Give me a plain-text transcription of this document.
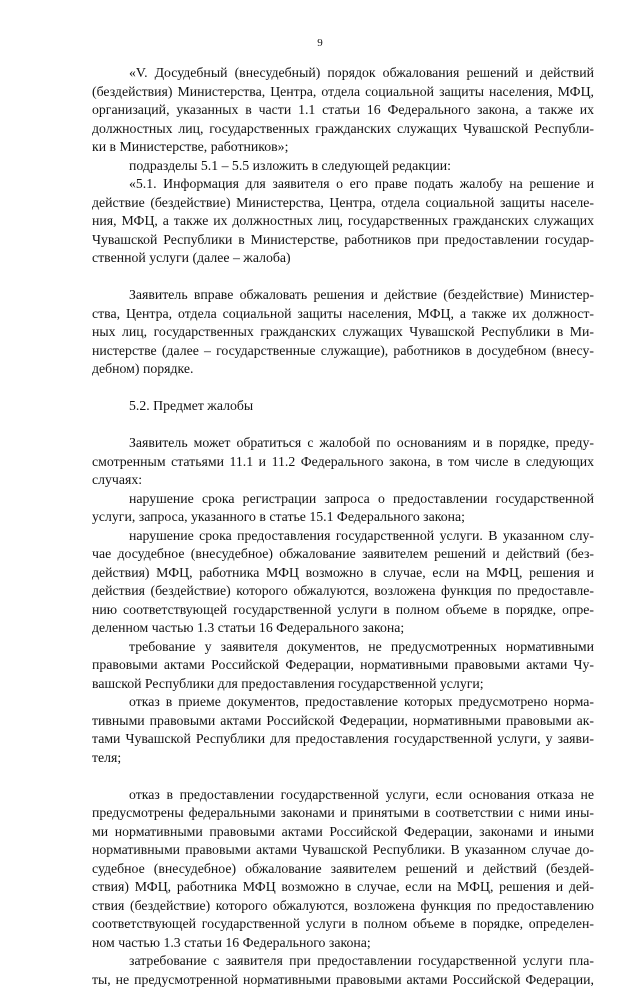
9
«V. Досудебный (внесудебный) порядок обжалования решений и действий
(бездействия) Министерства, Центра, отдела социальной защиты населения, МФЦ,
организаций, указанных в части 1.1 статьи 16 Федерального закона, а также их
должностных лиц, государственных гражданских служащих Чувашской Республи-
ки в Министерстве, работников»;
подразделы 5.1 – 5.5 изложить в следующей редакции:
«5.1. Информация для заявителя о его праве подать жалобу на решение и
действие (бездействие) Министерства, Центра, отдела социальной защиты населе-
ния, МФЦ, а также их должностных лиц, государственных гражданских служащих
Чувашской Республики в Министерстве, работников при предоставлении государ-
ственной услуги (далее – жалоба)
Заявитель вправе обжаловать решения и действие (бездействие) Министер-
ства, Центра, отдела социальной защиты населения, МФЦ, а также их должност-
ных лиц, государственных гражданских служащих Чувашской Республики в Ми-
нистерстве (далее – государственные служащие), работников в досудебном (внесу-
дебном) порядке.
5.2. Предмет жалобы
Заявитель может обратиться с жалобой по основаниям и в порядке, преду-
смотренным статьями 11.1 и 11.2 Федерального закона, в том числе в следующих
случаях:
нарушение срока регистрации запроса о предоставлении государственной
услуги, запроса, указанного в статье 15.1 Федерального закона;
нарушение срока предоставления государственной услуги. В указанном слу-
чае досудебное (внесудебное) обжалование заявителем решений и действий (без-
действия) МФЦ, работника МФЦ возможно в случае, если на МФЦ, решения и
действия (бездействие) которого обжалуются, возложена функция по предоставле-
нию соответствующей государственной услуги в полном объеме в порядке, опре-
деленном частью 1.3 статьи 16 Федерального закона;
требование у заявителя документов, не предусмотренных нормативными
правовыми актами Российской Федерации, нормативными правовыми актами Чу-
вашской Республики для предоставления государственной услуги;
отказ в приеме документов, предоставление которых предусмотрено норма-
тивными правовыми актами Российской Федерации, нормативными правовыми ак-
тами Чувашской Республики для предоставления государственной услуги, у заяви-
теля;
отказ в предоставлении государственной услуги, если основания отказа не
предусмотрены федеральными законами и принятыми в соответствии с ними ины-
ми нормативными правовыми актами Российской Федерации, законами и иными
нормативными правовыми актами Чувашской Республики. В указанном случае до-
судебное (внесудебное) обжалование заявителем решений и действий (бездей-
ствия) МФЦ, работника МФЦ возможно в случае, если на МФЦ, решения и дей-
ствия (бездействие) которого обжалуются, возложена функция по предоставлению
соответствующей государственной услуги в полном объеме в порядке, определен-
ном частью 1.3 статьи 16 Федерального закона;
затребование с заявителя при предоставлении государственной услуги пла-
ты, не предусмотренной нормативными правовыми актами Российской Федерации,
